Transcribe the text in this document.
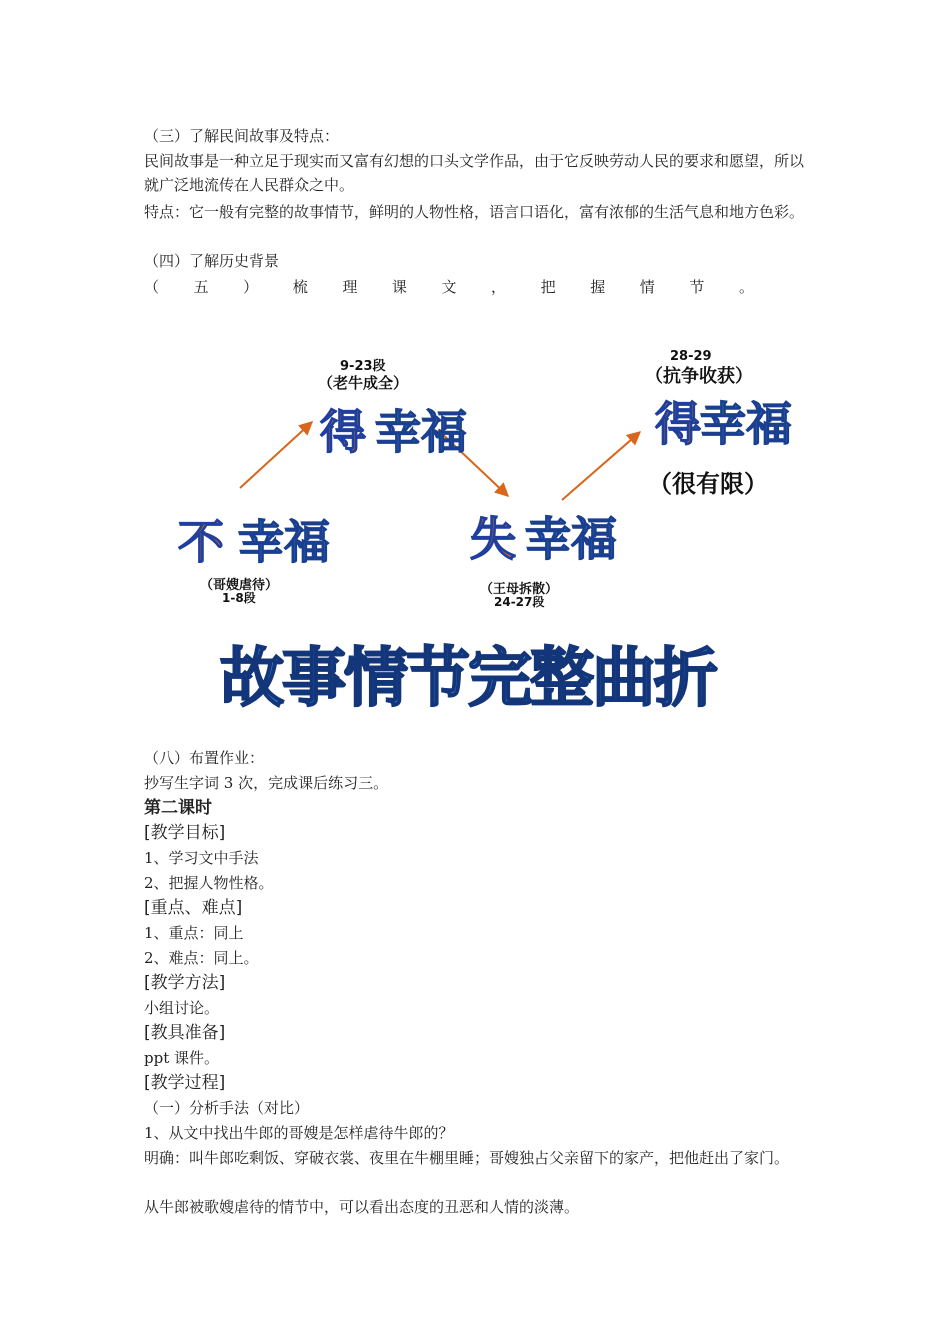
（三）了解民间故事及特点：
民间故事是一种立足于现实而又富有幻想的口头文学作品，由于它反映劳动人民的要求和愿望，所以就广泛地流传在人民群众之中。
特点：它一般有完整的故事情节，鲜明的人物性格，语言口语化，富有浓郁的生活气息和地方色彩。
（四）了解历史背景
（ 五 ） 梳 理 课 文 ， 把 握 情 节 。
不 幸福
（哥嫂虐待）
1-8段
9-23段
（老牛成全）
得 幸福
失 幸福
（王母拆散）
24-27段
28-29
（抗争收获）
得 幸福
（很有限）
故事情节完整曲折
（八）布置作业：
抄写生字词 3 次，完成课后练习三。
第二课时
[教学目标]
1、学习文中手法
2、把握人物性格。
[重点、难点]
1、重点：同上
2、难点：同上。
[教学方法]
小组讨论。
[教具准备]
ppt 课件。
[教学过程]
（一）分析手法（对比）
1、从文中找出牛郎的哥嫂是怎样虐待牛郎的？
明确：叫牛郎吃剩饭、穿破衣裳、夜里在牛棚里睡；哥嫂独占父亲留下的家产，把他赶出了家门。
从牛郎被歌嫂虐待的情节中，可以看出态度的丑恶和人情的淡薄。
